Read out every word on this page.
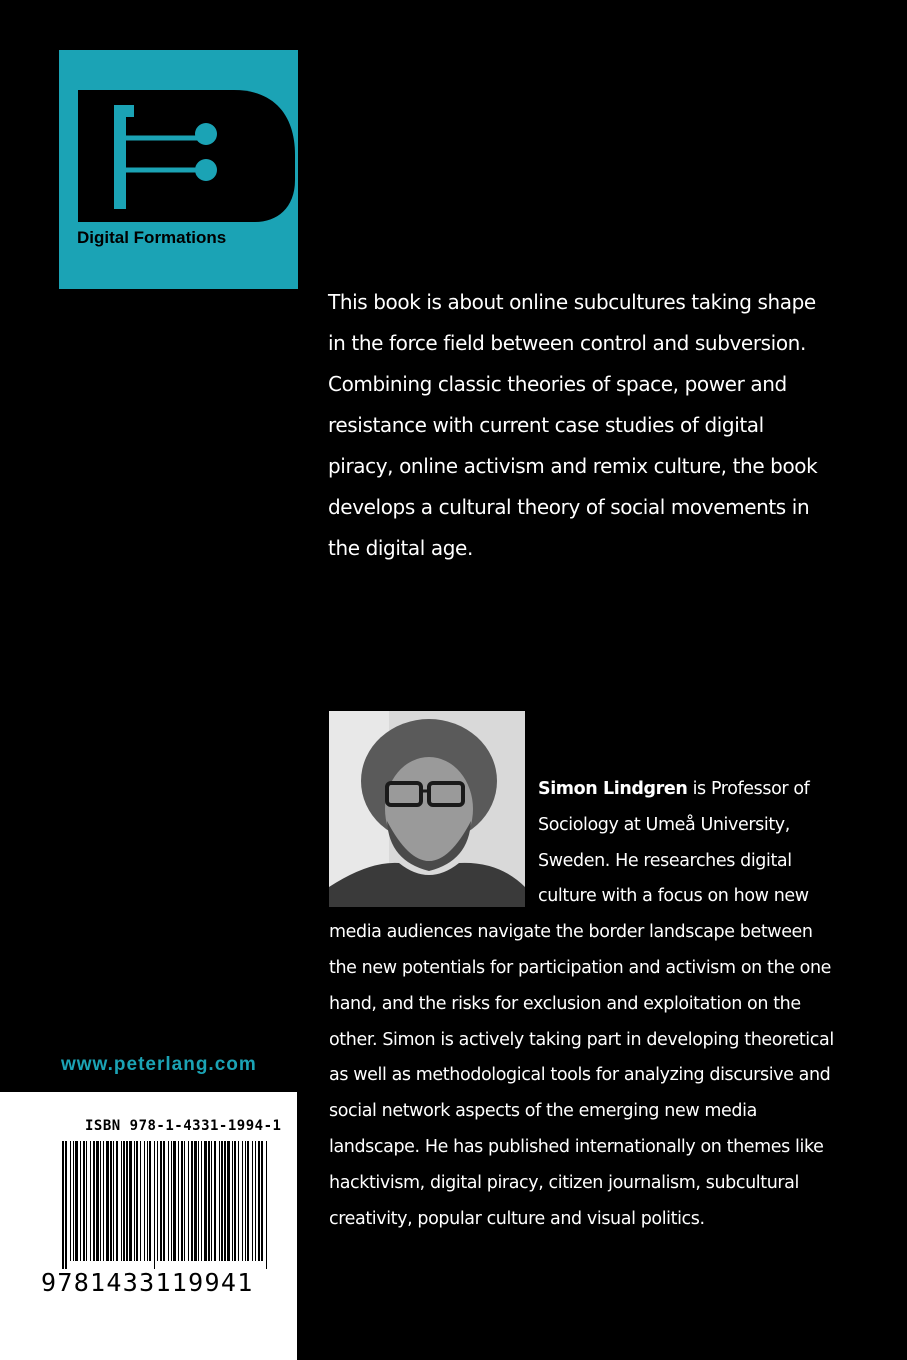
Digital Formations

This book is about online subcultures taking shape in the force field between control and subversion. Combining classic theories of space, power and resistance with current case studies of digital piracy, online activism and remix culture, the book develops a cultural theory of social movements in the digital age.

Simon Lindgren is Professor of Sociology at Umeå University, Sweden. He researches digital culture with a focus on how new media audiences navigate the border landscape between the new potentials for participation and activism on the one hand, and the risks for exclusion and exploitation on the other. Simon is actively taking part in developing theoretical as well as methodological tools for analyzing discursive and social network aspects of the emerging new media landscape. He has published internationally on themes like hacktivism, digital piracy, citizen journalism, subcultural creativity, popular culture and visual politics.

www.peterlang.com
ISBN 978-1-4331-1994-1
9781433119941
